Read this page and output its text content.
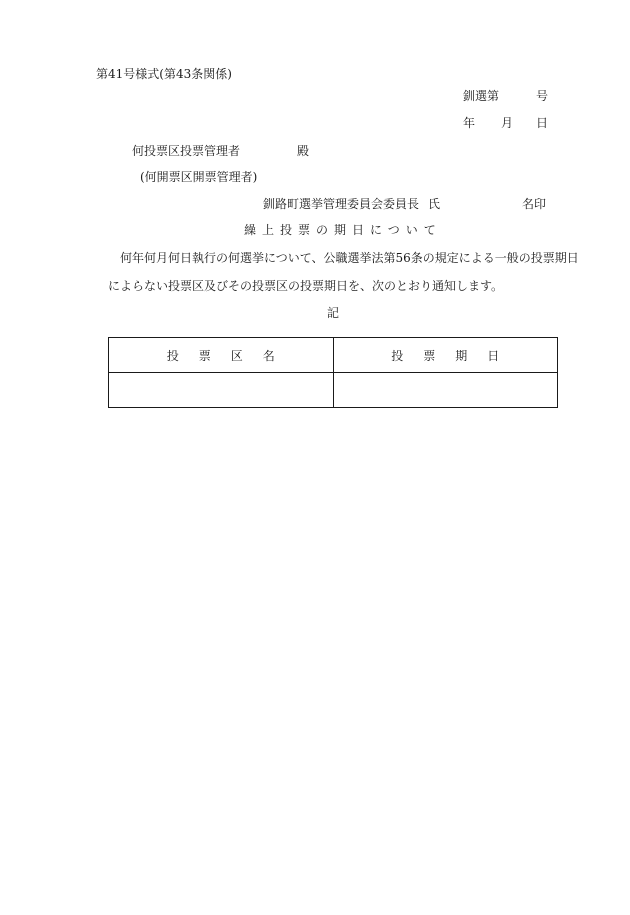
第41号様式(第43条関係)
釧選第	号
年 月 日
何投票区投票管理者	殿
(何開票区開票管理者)
釧路町選挙管理委員会委員長 氏	名印
繰上投票の期日について
何年何月何日執行の何選挙について、公職選挙法第56条の規定による一般の投票期日
によらない投票区及びその投票区の投票期日を、次のとおり通知します。
記
投票区名	投票期日
